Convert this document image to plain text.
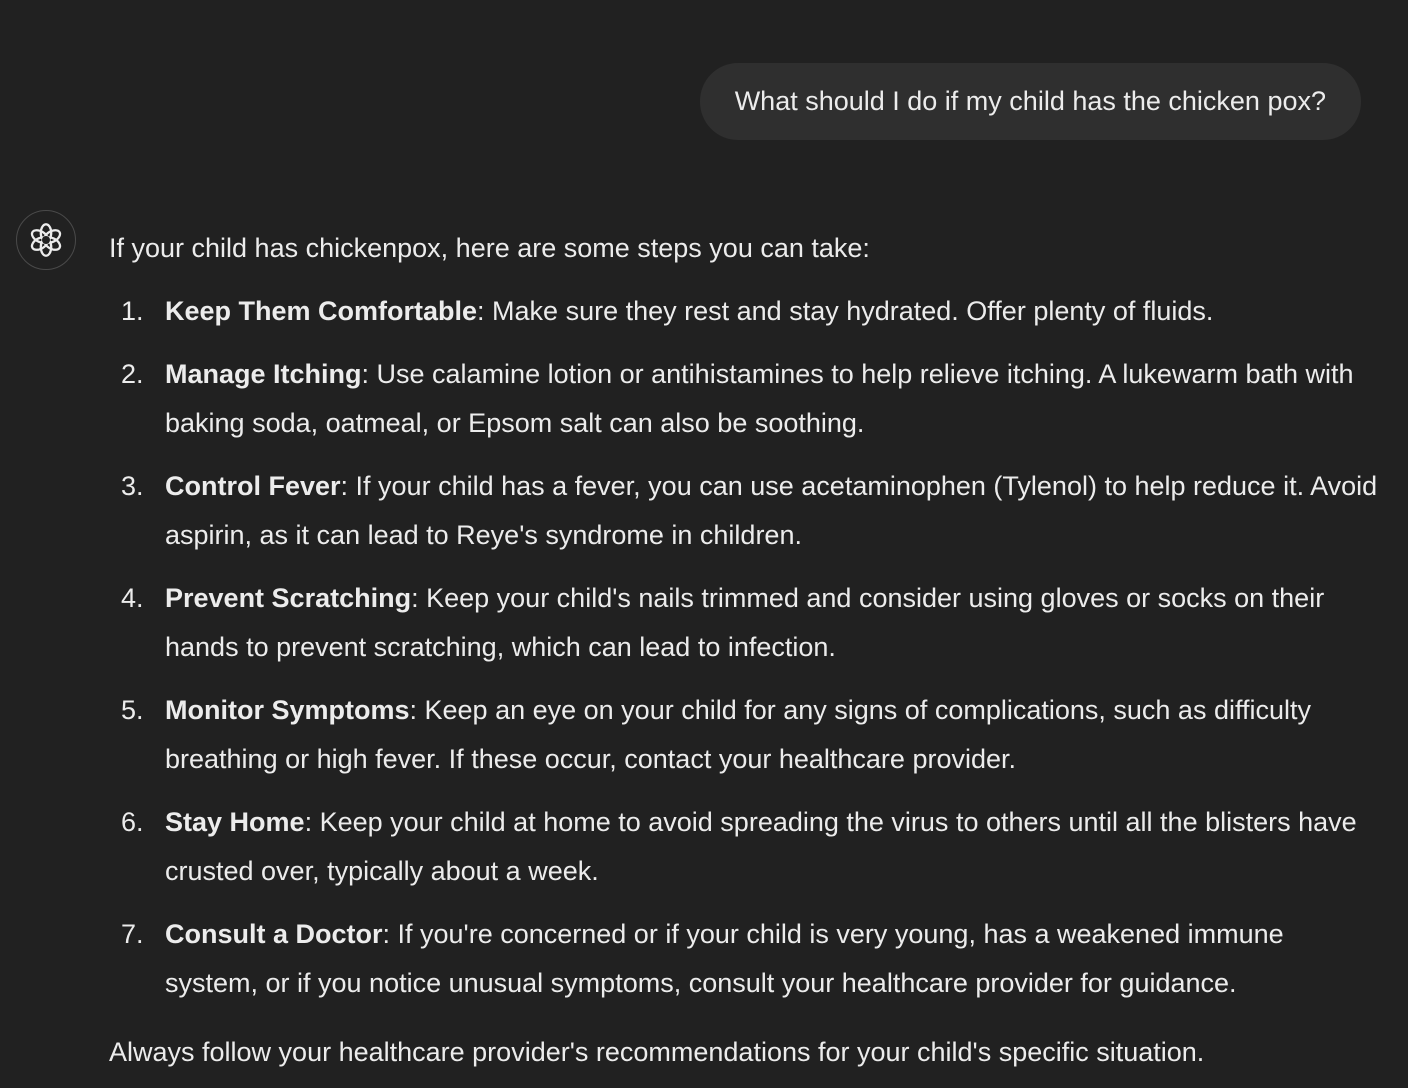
What should I do if my child has the chicken pox?

If your child has chickenpox, here are some steps you can take:

1. Keep Them Comfortable: Make sure they rest and stay hydrated. Offer plenty of fluids.
2. Manage Itching: Use calamine lotion or antihistamines to help relieve itching. A lukewarm bath with baking soda, oatmeal, or Epsom salt can also be soothing.
3. Control Fever: If your child has a fever, you can use acetaminophen (Tylenol) to help reduce it. Avoid aspirin, as it can lead to Reye's syndrome in children.
4. Prevent Scratching: Keep your child's nails trimmed and consider using gloves or socks on their hands to prevent scratching, which can lead to infection.
5. Monitor Symptoms: Keep an eye on your child for any signs of complications, such as difficulty breathing or high fever. If these occur, contact your healthcare provider.
6. Stay Home: Keep your child at home to avoid spreading the virus to others until all the blisters have crusted over, typically about a week.
7. Consult a Doctor: If you're concerned or if your child is very young, has a weakened immune system, or if you notice unusual symptoms, consult your healthcare provider for guidance.

Always follow your healthcare provider's recommendations for your child's specific situation.
